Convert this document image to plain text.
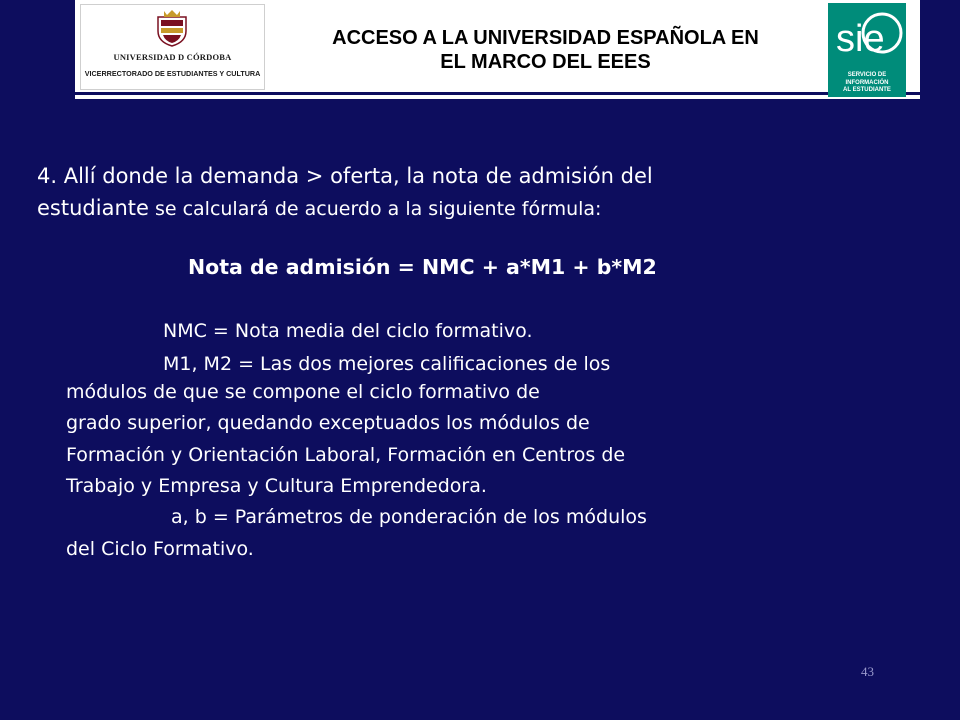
UNIVERSIDAD D CÓRDOBA
VICERRECTORADO DE ESTUDIANTES Y CULTURA
ACCESO A LA UNIVERSIDAD ESPAÑOLA EN
EL MARCO DEL EEES
sie
SERVICIO DE
INFORMACIÓN
AL ESTUDIANTE
4. Allí donde la demanda > oferta, la nota de admisión del
estudiante se calculará de acuerdo a la siguiente fórmula:
Nota de admisión = NMC + a*M1 + b*M2
NMC = Nota media del ciclo formativo.
M1, M2 = Las dos mejores calificaciones de los
módulos de que se compone el ciclo formativo de
grado superior, quedando exceptuados los módulos de
Formación y Orientación Laboral, Formación en Centros de
Trabajo y Empresa y Cultura Emprendedora.
a, b = Parámetros de ponderación de los módulos
del Ciclo Formativo.
43
